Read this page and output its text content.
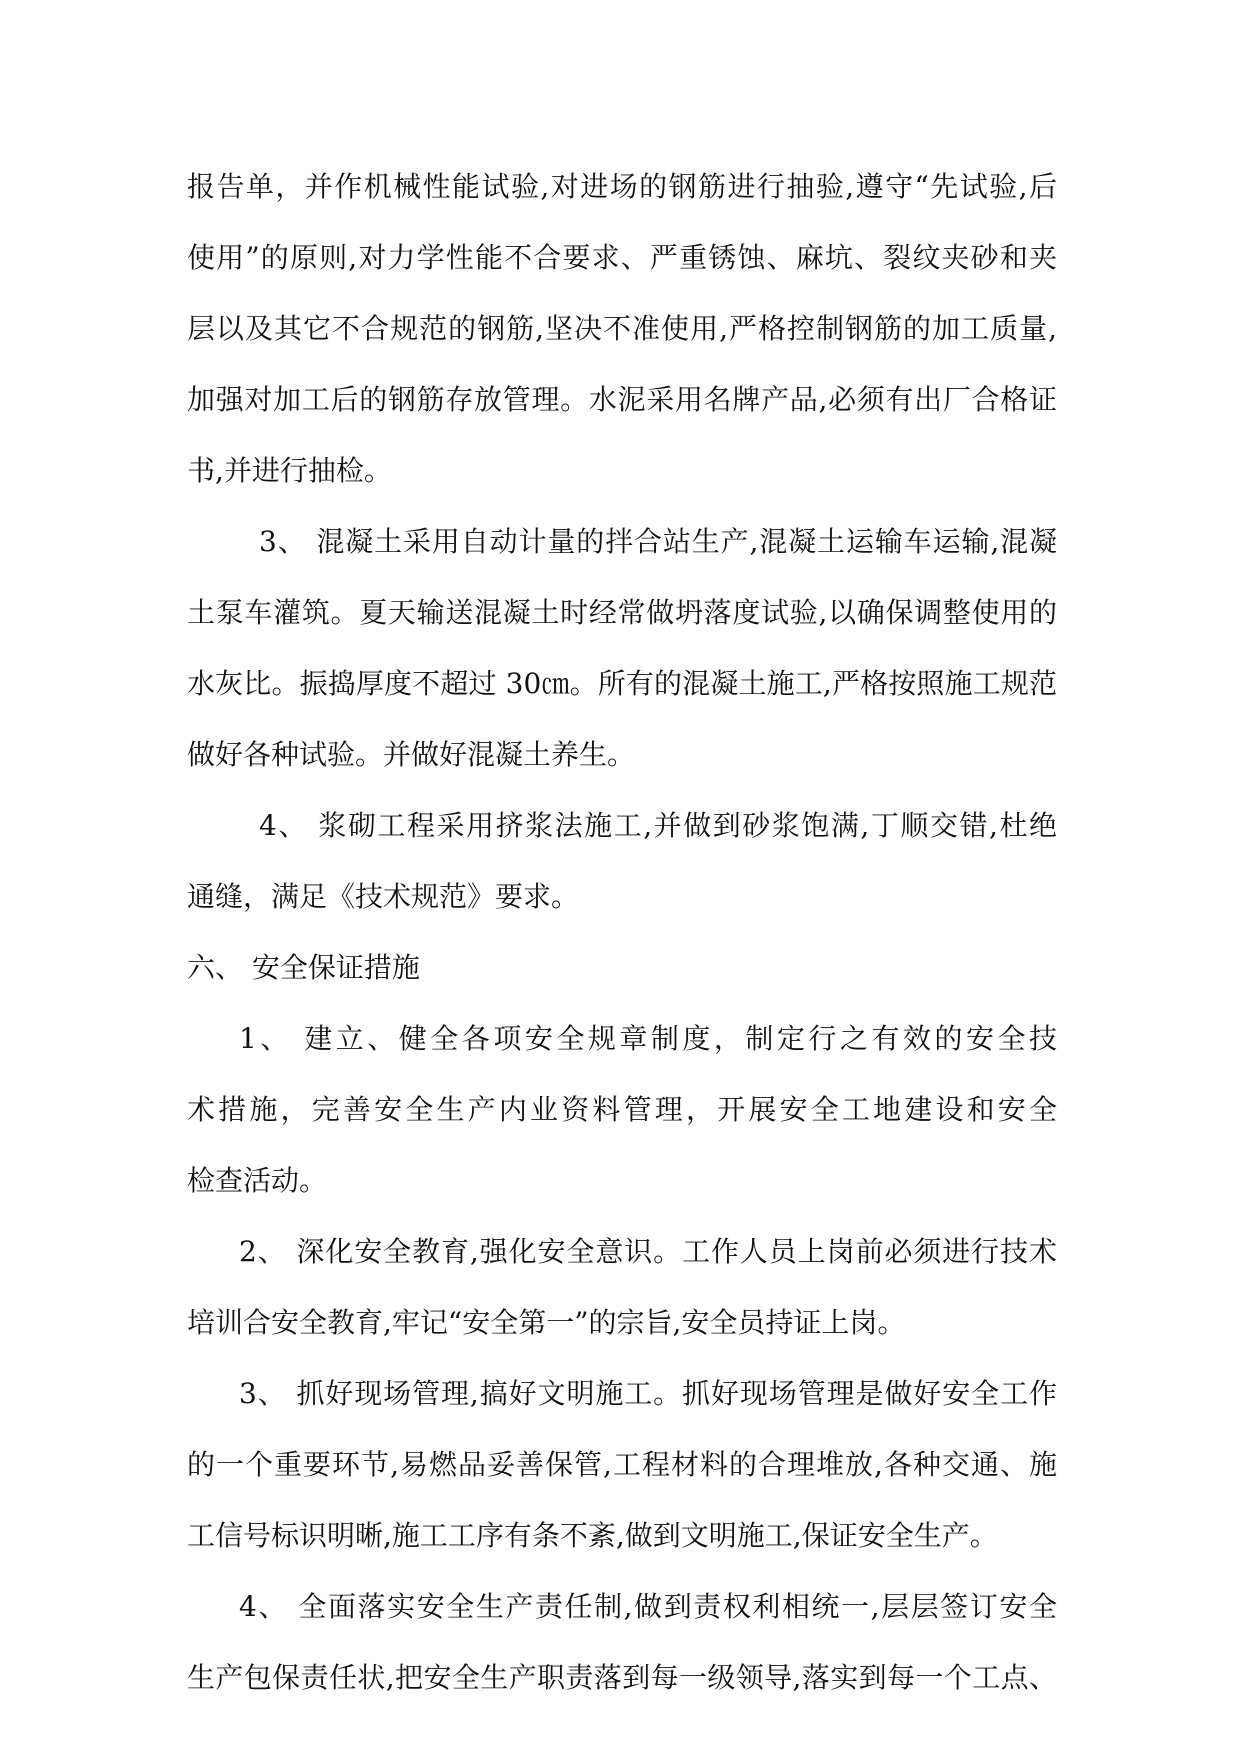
报告单，并作机械性能试验,对进场的钢筋进行抽验,遵守“先试验,后
使用”的原则,对力学性能不合要求、严重锈蚀、麻坑、裂纹夹砂和夹
层以及其它不合规范的钢筋,坚决不准使用,严格控制钢筋的加工质量,
加强对加工后的钢筋存放管理。水泥采用名牌产品,必须有出厂合格证
书,并进行抽检。

3、 混凝土采用自动计量的拌合站生产,混凝土运输车运输,混凝
土泵车灌筑。夏天输送混凝土时经常做坍落度试验,以确保调整使用的
水灰比。振捣厚度不超过 30㎝。所有的混凝土施工,严格按照施工规范
做好各种试验。并做好混凝土养生。

4、 浆砌工程采用挤浆法施工,并做到砂浆饱满,丁顺交错,杜绝
通缝，满足《技术规范》要求。

六、 安全保证措施

1、 建立、健全各项安全规章制度，制定行之有效的安全技
术措施，完善安全生产内业资料管理，开展安全工地建设和安全
检查活动。

2、 深化安全教育,强化安全意识。工作人员上岗前必须进行技术
培训合安全教育,牢记“安全第一”的宗旨,安全员持证上岗。

3、 抓好现场管理,搞好文明施工。抓好现场管理是做好安全工作
的一个重要环节,易燃品妥善保管,工程材料的合理堆放,各种交通、施
工信号标识明晰,施工工序有条不紊,做到文明施工,保证安全生产。

4、 全面落实安全生产责任制,做到责权利相统一,层层签订安全
生产包保责任状,把安全生产职责落到每一级领导,落实到每一个工点、
